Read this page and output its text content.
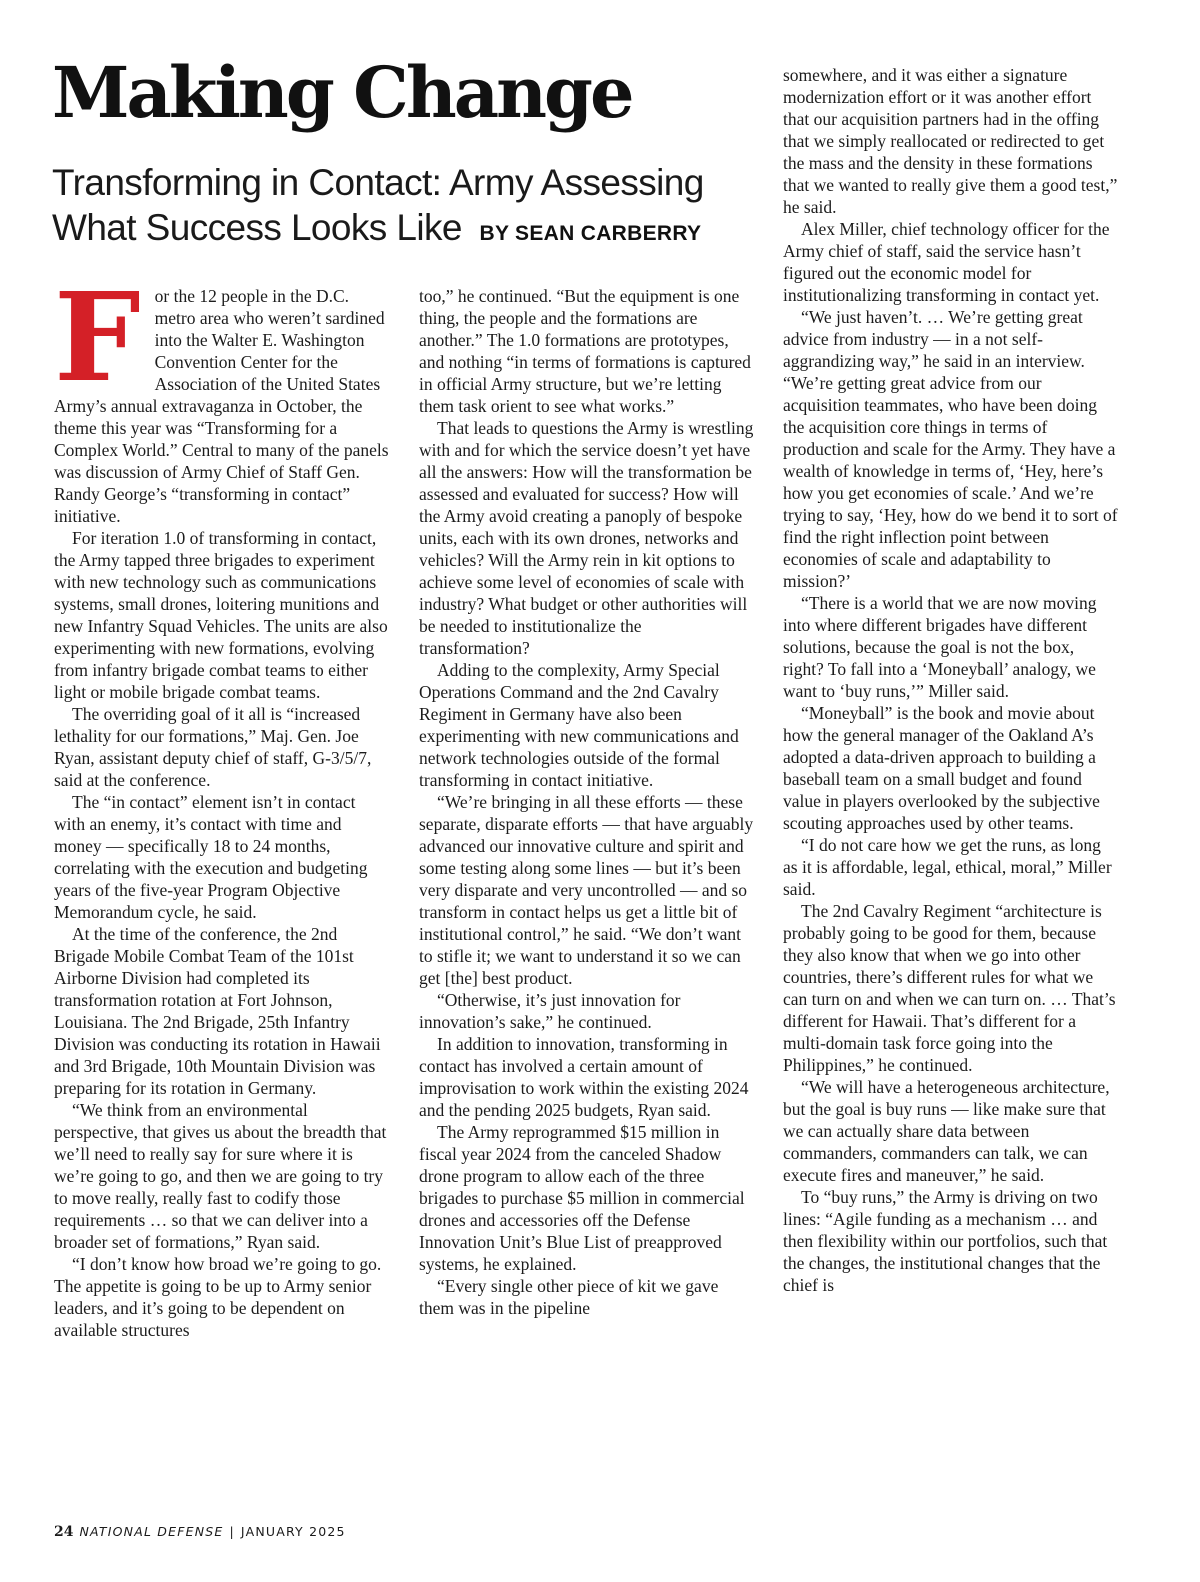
Making Change
Transforming in Contact: Army Assessing What Success Looks Like BY SEAN CARBERRY
F or the 12 people in the D.C. metro area who weren’t sardined into the Walter E. Washington Convention Center for the Association of the United States Army’s annual extravaganza in October, the theme this year was “Transforming for a Complex World.” Central to many of the panels was discussion of Army Chief of Staff Gen. Randy George’s “transforming in contact” initiative.

For iteration 1.0 of transforming in contact, the Army tapped three brigades to experiment with new technology such as communications systems, small drones, loitering munitions and new Infantry Squad Vehicles. The units are also experimenting with new formations, evolving from infantry brigade combat teams to either light or mobile brigade combat teams.

The overriding goal of it all is “increased lethality for our formations,” Maj. Gen. Joe Ryan, assistant deputy chief of staff, G-3/5/7, said at the conference.

The “in contact” element isn’t in contact with an enemy, it’s contact with time and money — specifically 18 to 24 months, correlating with the execution and budgeting years of the five-year Program Objective Memorandum cycle, he said.

At the time of the conference, the 2nd Brigade Mobile Combat Team of the 101st Airborne Division had completed its transformation rotation at Fort Johnson, Louisiana. The 2nd Brigade, 25th Infantry Division was conducting its rotation in Hawaii and 3rd Brigade, 10th Mountain Division was preparing for its rotation in Germany.

“We think from an environmental perspective, that gives us about the breadth that we’ll need to really say for sure where it is we’re going to go, and then we are going to try to move really, really fast to codify those requirements … so that we can deliver into a broader set of formations,” Ryan said.

“I don’t know how broad we’re going to go. The appetite is going to be up to Army senior leaders, and it’s going to be dependent on available structures

too,” he continued. “But the equipment is one thing, the people and the formations are another.” The 1.0 formations are prototypes, and nothing “in terms of formations is captured in official Army structure, but we’re letting them task orient to see what works.”

That leads to questions the Army is wrestling with and for which the service doesn’t yet have all the answers: How will the transformation be assessed and evaluated for success? How will the Army avoid creating a panoply of bespoke units, each with its own drones, networks and vehicles? Will the Army rein in kit options to achieve some level of economies of scale with industry? What budget or other authorities will be needed to institutionalize the transformation?

Adding to the complexity, Army Special Operations Command and the 2nd Cavalry Regiment in Germany have also been experimenting with new communications and network technologies outside of the formal transforming in contact initiative.

“We’re bringing in all these efforts — these separate, disparate efforts — that have arguably advanced our innovative culture and spirit and some testing along some lines — but it’s been very disparate and very uncontrolled — and so transform in contact helps us get a little bit of institutional control,” he said. “We don’t want to stifle it; we want to understand it so we can get [the] best product.

“Otherwise, it’s just innovation for innovation’s sake,” he continued.

In addition to innovation, transforming in contact has involved a certain amount of improvisation to work within the existing 2024 and the pending 2025 budgets, Ryan said.

The Army reprogrammed $15 million in fiscal year 2024 from the canceled Shadow drone program to allow each of the three brigades to purchase $5 million in commercial drones and accessories off the Defense Innovation Unit’s Blue List of preapproved systems, he explained.

“Every single other piece of kit we gave them was in the pipeline

somewhere, and it was either a signature modernization effort or it was another effort that our acquisition partners had in the offing that we simply reallocated or redirected to get the mass and the density in these formations that we wanted to really give them a good test,” he said.

Alex Miller, chief technology officer for the Army chief of staff, said the service hasn’t figured out the economic model for institutionalizing transforming in contact yet.

“We just haven’t. … We’re getting great advice from industry — in a not self-aggrandizing way,” he said in an interview. “We’re getting great advice from our acquisition teammates, who have been doing the acquisition core things in terms of production and scale for the Army. They have a wealth of knowledge in terms of, ‘Hey, here’s how you get economies of scale.’ And we’re trying to say, ‘Hey, how do we bend it to sort of find the right inflection point between economies of scale and adaptability to mission?’

“There is a world that we are now moving into where different brigades have different solutions, because the goal is not the box, right? To fall into a ‘Moneyball’ analogy, we want to ‘buy runs,’” Miller said.

“Moneyball” is the book and movie about how the general manager of the Oakland A’s adopted a data-driven approach to building a baseball team on a small budget and found value in players overlooked by the subjective scouting approaches used by other teams.

“I do not care how we get the runs, as long as it is affordable, legal, ethical, moral,” Miller said.

The 2nd Cavalry Regiment “architecture is probably going to be good for them, because they also know that when we go into other countries, there’s different rules for what we can turn on and when we can turn on. … That’s different for Hawaii. That’s different for a multi-domain task force going into the Philippines,” he continued.

“We will have a heterogeneous architecture, but the goal is buy runs — like make sure that we can actually share data between commanders, commanders can talk, we can execute fires and maneuver,” he said.

To “buy runs,” the Army is driving on two lines: “Agile funding as a mechanism … and then flexibility within our portfolios, such that the changes, the institutional changes that the chief is

24 NATIONAL DEFENSE | JANUARY 2025
